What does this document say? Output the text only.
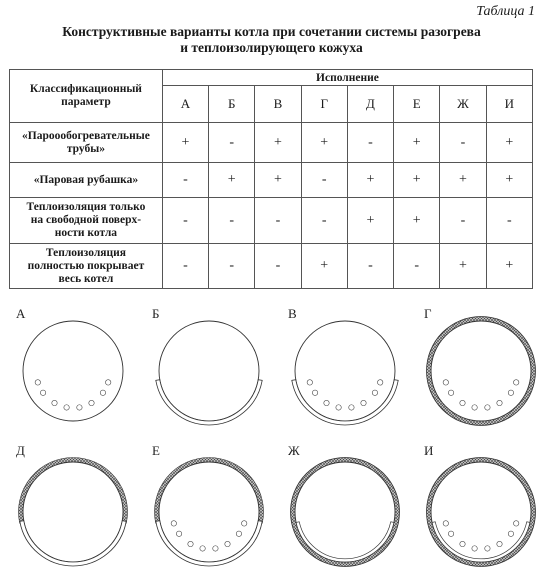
Таблица 1
Конструктивные варианты котла при сочетании системы разогрева
и теплоизолирующего кожуха
Классификационный
параметр	Исполнение							
	А	Б	В	Г	Д	Е	Ж	И

«Пароообогревательные
трубы»	+	-	+	+	-	+	-	+

«Паровая рубашка»	-	+	+	-	+	+	+	+

Теплоизоляция только
на свободной поверх-
ности котла	-	-	-	-	+	+	-	-

Теплоизоляция
полностью покрывает
весь котел	-	-	-	+	-	-	+	+
А	Б	В	Г
Д	Е	Ж	И
